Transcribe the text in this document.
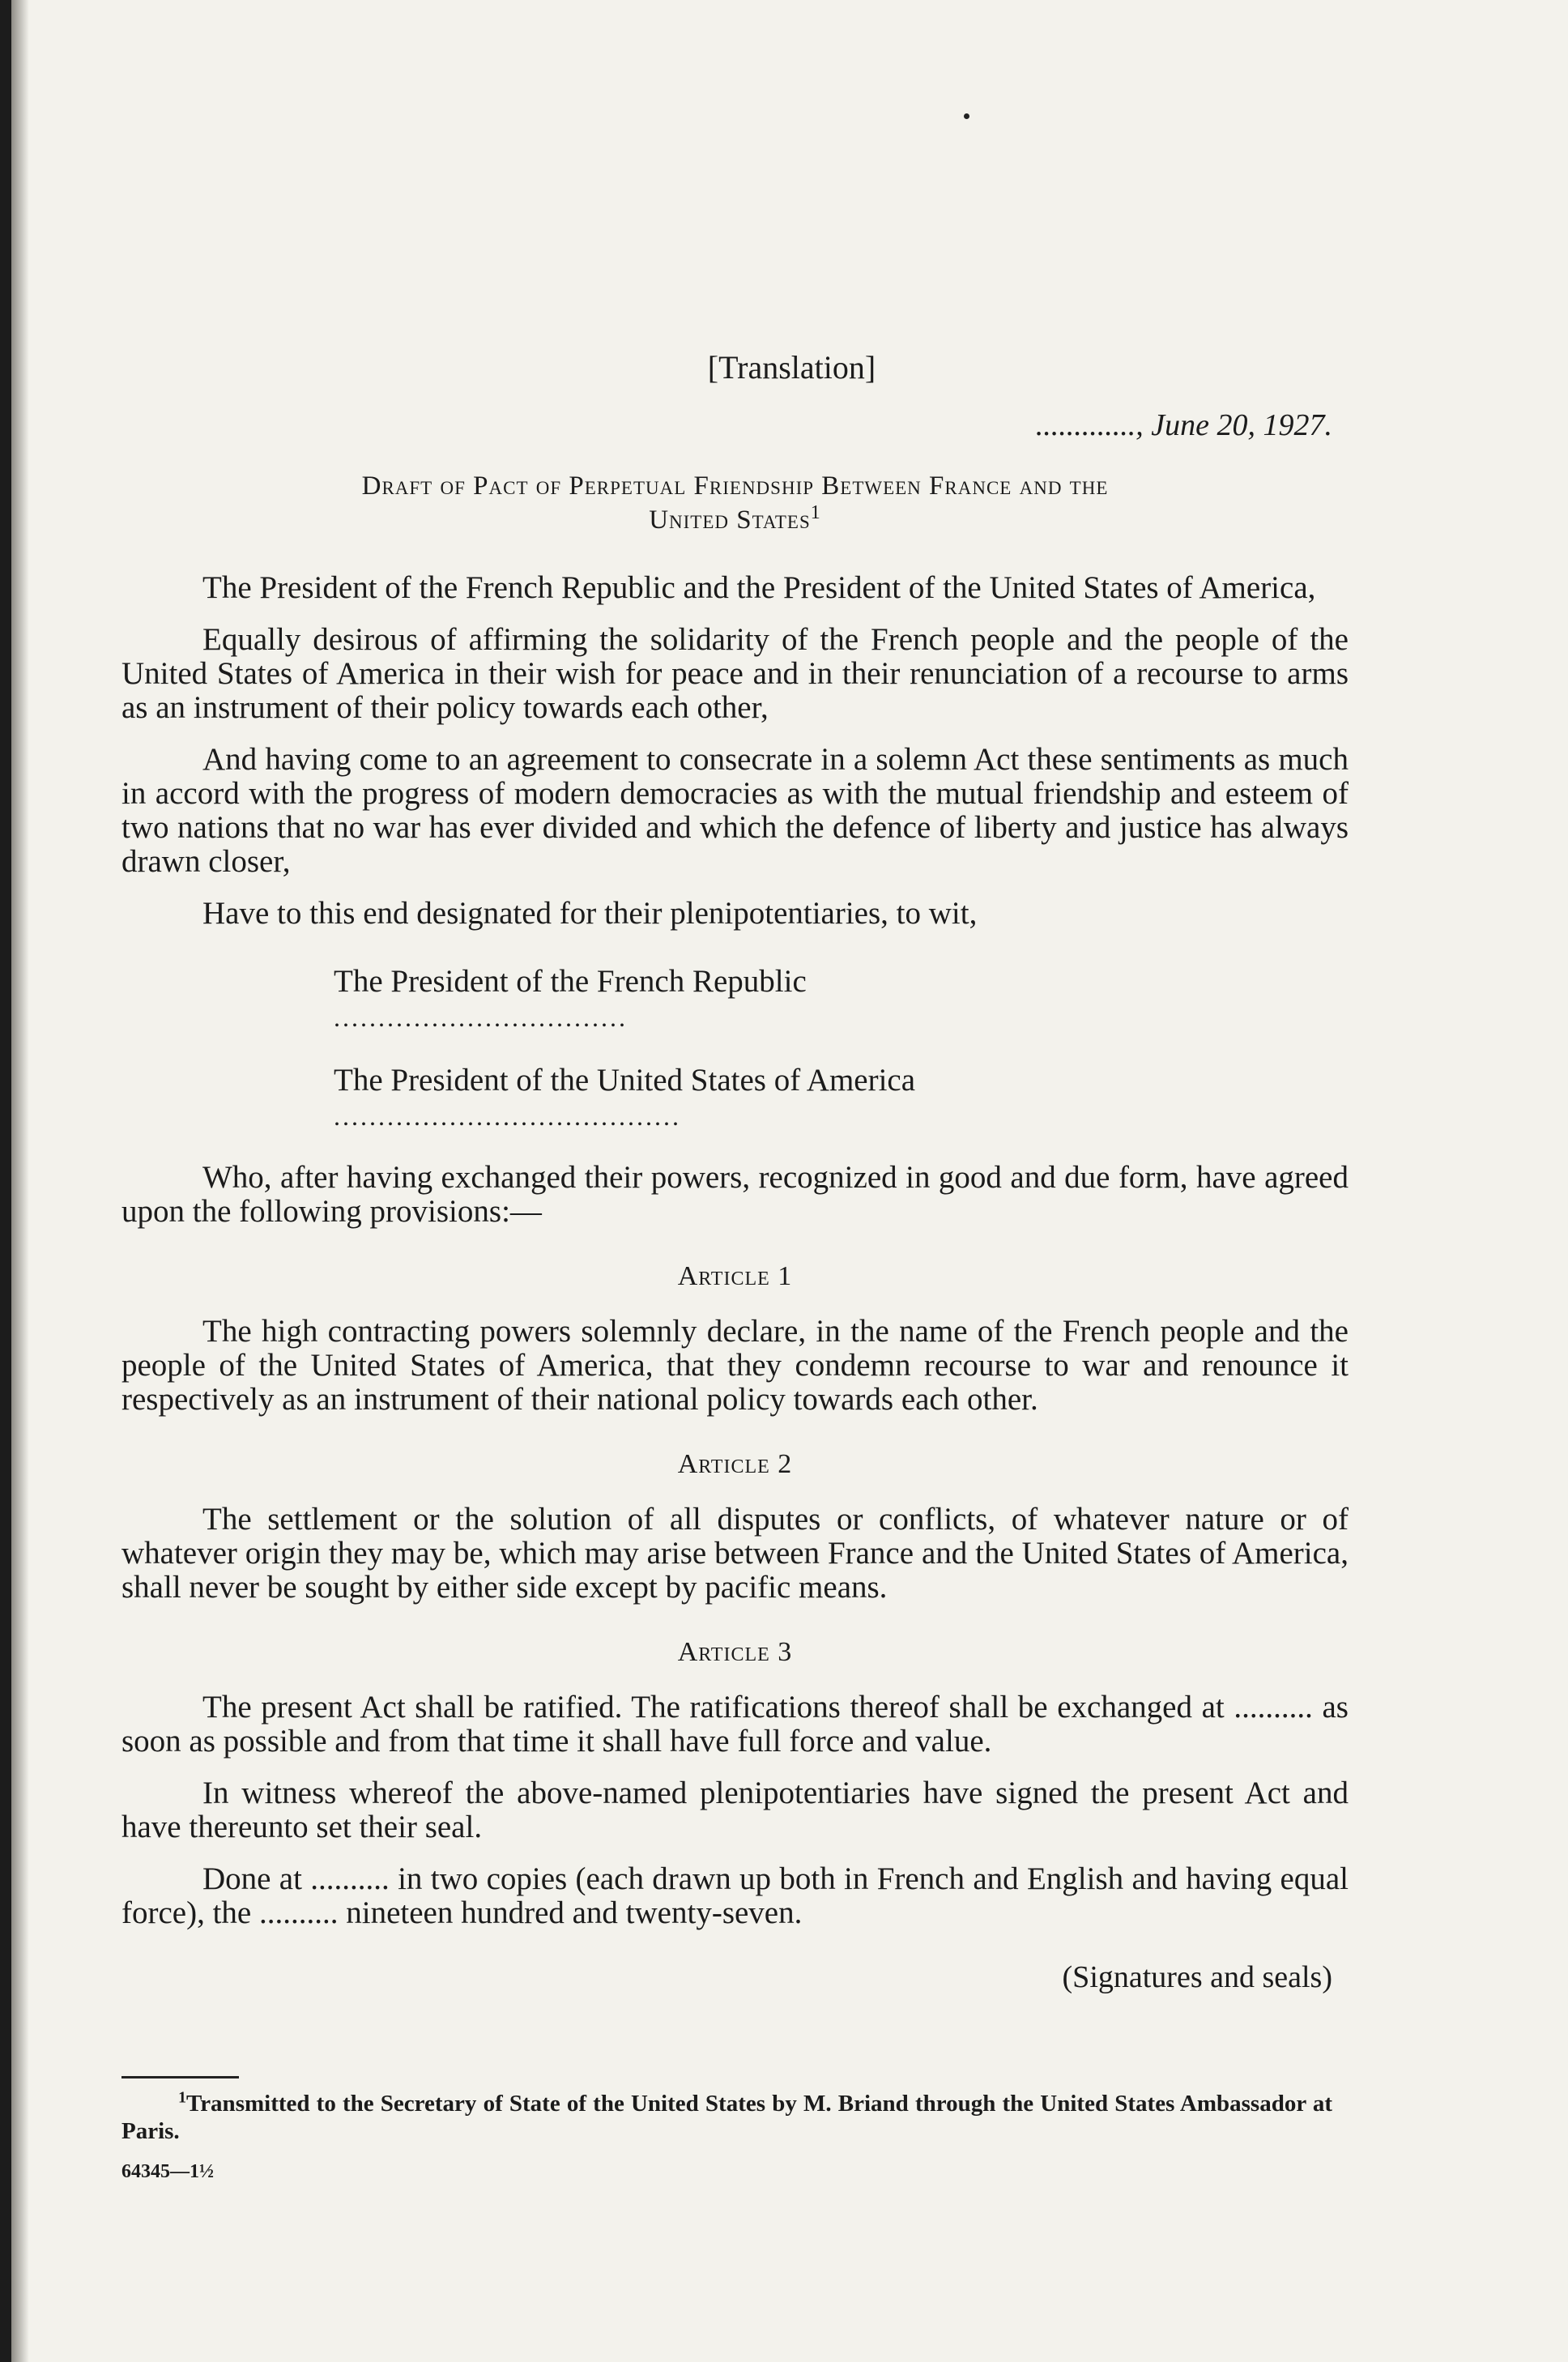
[Translation]
............., June 20, 1927.
Draft of Pact of Perpetual Friendship Between France and the
United States$^1$

The President of the French Republic and the President of the United States of America,

Equally desirous of affirming the solidarity of the French people and the people of the United States of America in their wish for peace and in their renunciation of a recourse to arms as an instrument of their policy towards each other,

And having come to an agreement to consecrate in a solemn Act these sentiments as much in accord with the progress of modern democracies as with the mutual friendship and esteem of two nations that no war has ever divided and which the defence of liberty and justice has always drawn closer,

Have to this end designated for their plenipotentiaries, to wit,

The President of the French Republic
.................................
The President of the United States of America
.......................................

Who, after having exchanged their powers, recognized in good and due form, have agreed upon the following provisions:—

Article 1

The high contracting powers solemnly declare, in the name of the French people and the people of the United States of America, that they condemn recourse to war and renounce it respectively as an instrument of their national policy towards each other.

Article 2

The settlement or the solution of all disputes or conflicts, of whatever nature or of whatever origin they may be, which may arise between France and the United States of America, shall never be sought by either side except by pacific means.

Article 3

The present Act shall be ratified. The ratifications thereof shall be exchanged at .......... as soon as possible and from that time it shall have full force and value.

In witness whereof the above-named plenipotentiaries have signed the present Act and have thereunto set their seal.

Done at .......... in two copies (each drawn up both in French and English and having equal force), the .......... nineteen hundred and twenty-seven.

(Signatures and seals)
$^1$Transmitted to the Secretary of State of the United States by M. Briand through the United States Ambassador at Paris.
64345—1½
